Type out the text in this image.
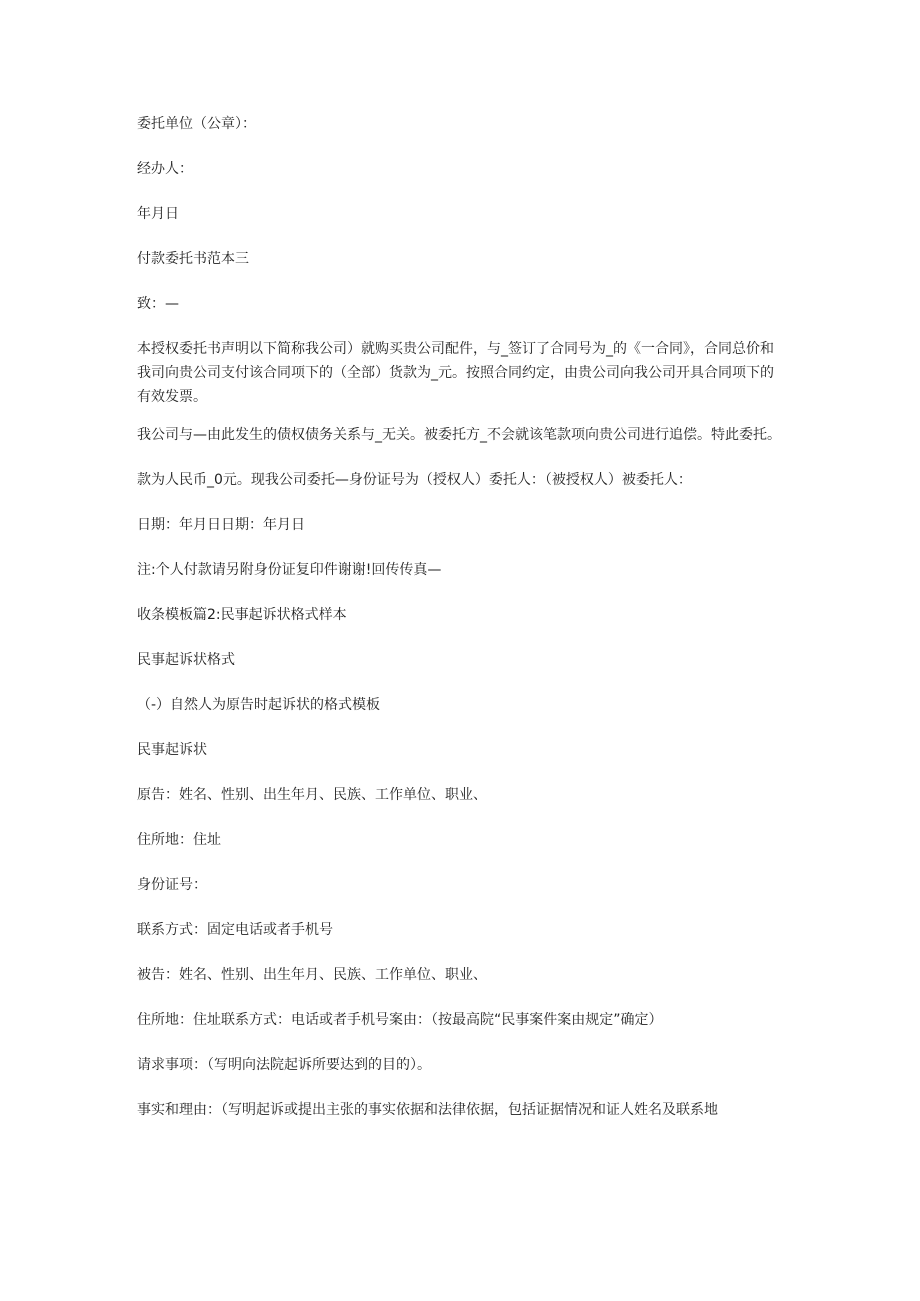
委托单位（公章）：

经办人：

年月日

付款委托书范本三

致：—

本授权委托书声明以下简称我公司）就购买贵公司配件，与_签订了合同号为_的《一合同》，合同总价和我司向贵公司支付该合同项下的（全部）货款为_元。按照合同约定，由贵公司向我公司开具合同项下的有效发票。

我公司与—由此发生的债权债务关系与_无关。被委托方_不会就该笔款项向贵公司进行追偿。特此委托。

款为人民币_0元。现我公司委托—身份证号为（授权人）委托人：（被授权人）被委托人：

日期：年月日日期：年月日

注:个人付款请另附身份证复印件谢谢!回传传真—

收条模板篇2:民事起诉状格式样本

民事起诉状格式

（-）自然人为原告时起诉状的格式模板

民事起诉状

原告：姓名、性别、出生年月、民族、工作单位、职业、

住所地：住址

身份证号：

联系方式：固定电话或者手机号

被告：姓名、性别、出生年月、民族、工作单位、职业、

住所地：住址联系方式：电话或者手机号案由：（按最高院“民事案件案由规定”确定）

请求事项：（写明向法院起诉所要达到的目的）。

事实和理由：（写明起诉或提出主张的事实依据和法律依据，包括证据情况和证人姓名及联系地
